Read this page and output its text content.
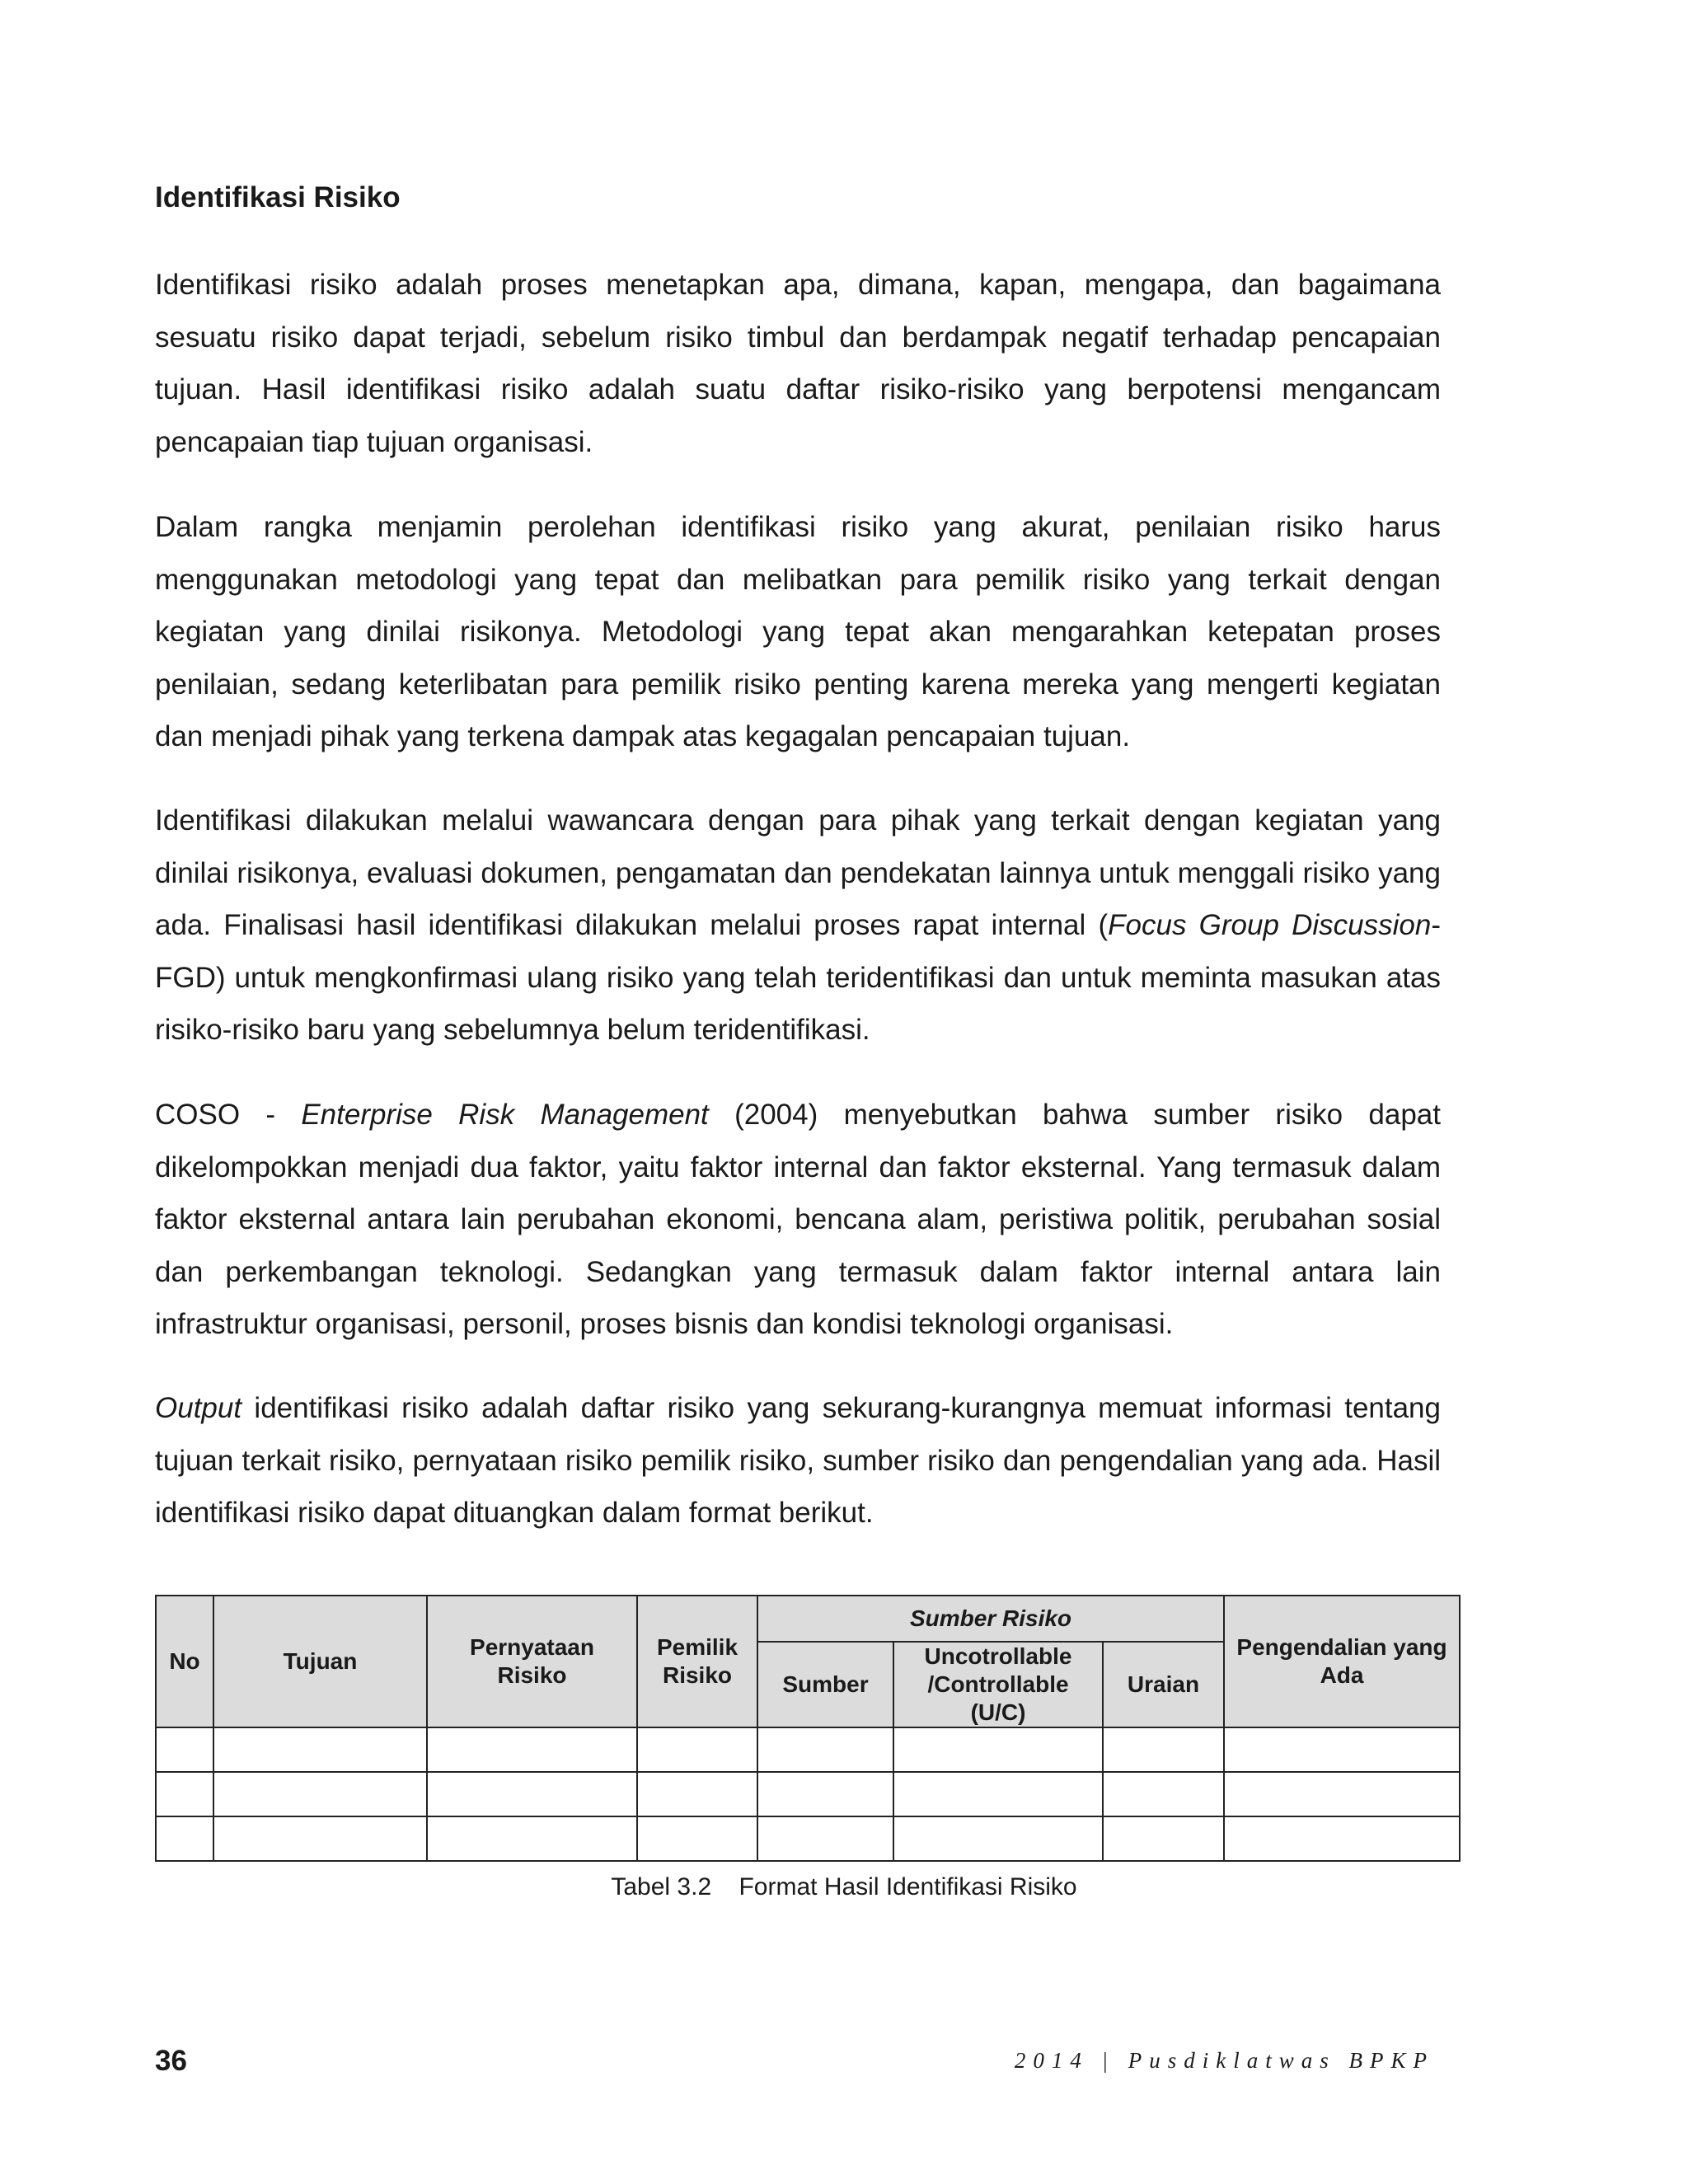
Identifikasi Risiko

Identifikasi risiko adalah proses menetapkan apa, dimana, kapan, mengapa, dan bagaimana sesuatu risiko dapat terjadi, sebelum risiko timbul dan berdampak negatif terhadap pencapaian tujuan. Hasil identifikasi risiko adalah suatu daftar risiko-risiko yang berpotensi mengancam pencapaian tiap tujuan organisasi.

Dalam rangka menjamin perolehan identifikasi risiko yang akurat, penilaian risiko harus menggunakan metodologi yang tepat dan melibatkan para pemilik risiko yang terkait dengan kegiatan yang dinilai risikonya. Metodologi yang tepat akan mengarahkan ketepatan proses penilaian, sedang keterlibatan para pemilik risiko penting karena mereka yang mengerti kegiatan dan menjadi pihak yang terkena dampak atas kegagalan pencapaian tujuan.

Identifikasi dilakukan melalui wawancara dengan para pihak yang terkait dengan kegiatan yang dinilai risikonya, evaluasi dokumen, pengamatan dan pendekatan lainnya untuk menggali risiko yang ada. Finalisasi hasil identifikasi dilakukan melalui proses rapat internal (Focus Group Discussion-FGD) untuk mengkonfirmasi ulang risiko yang telah teridentifikasi dan untuk meminta masukan atas risiko-risiko baru yang sebelumnya belum teridentifikasi.

COSO - Enterprise Risk Management (2004) menyebutkan bahwa sumber risiko dapat dikelompokkan menjadi dua faktor, yaitu faktor internal dan faktor eksternal. Yang termasuk dalam faktor eksternal antara lain perubahan ekonomi, bencana alam, peristiwa politik, perubahan sosial dan perkembangan teknologi. Sedangkan yang termasuk dalam faktor internal antara lain infrastruktur organisasi, personil, proses bisnis dan kondisi teknologi organisasi.

Output identifikasi risiko adalah daftar risiko yang sekurang-kurangnya memuat informasi tentang tujuan terkait risiko, pernyataan risiko pemilik risiko, sumber risiko dan pengendalian yang ada. Hasil identifikasi risiko dapat dituangkan dalam format berikut.

No	Tujuan	Pernyataan Risiko	Pemilik Risiko	Sumber Risiko			Pengendalian yang Ada
				Sumber	Uncotrollable /Controllable (U/C)	Uraian	

Tabel 3.2 Format Hasil Identifikasi Risiko

36	2014 | Pusdiklatwas BPKP
